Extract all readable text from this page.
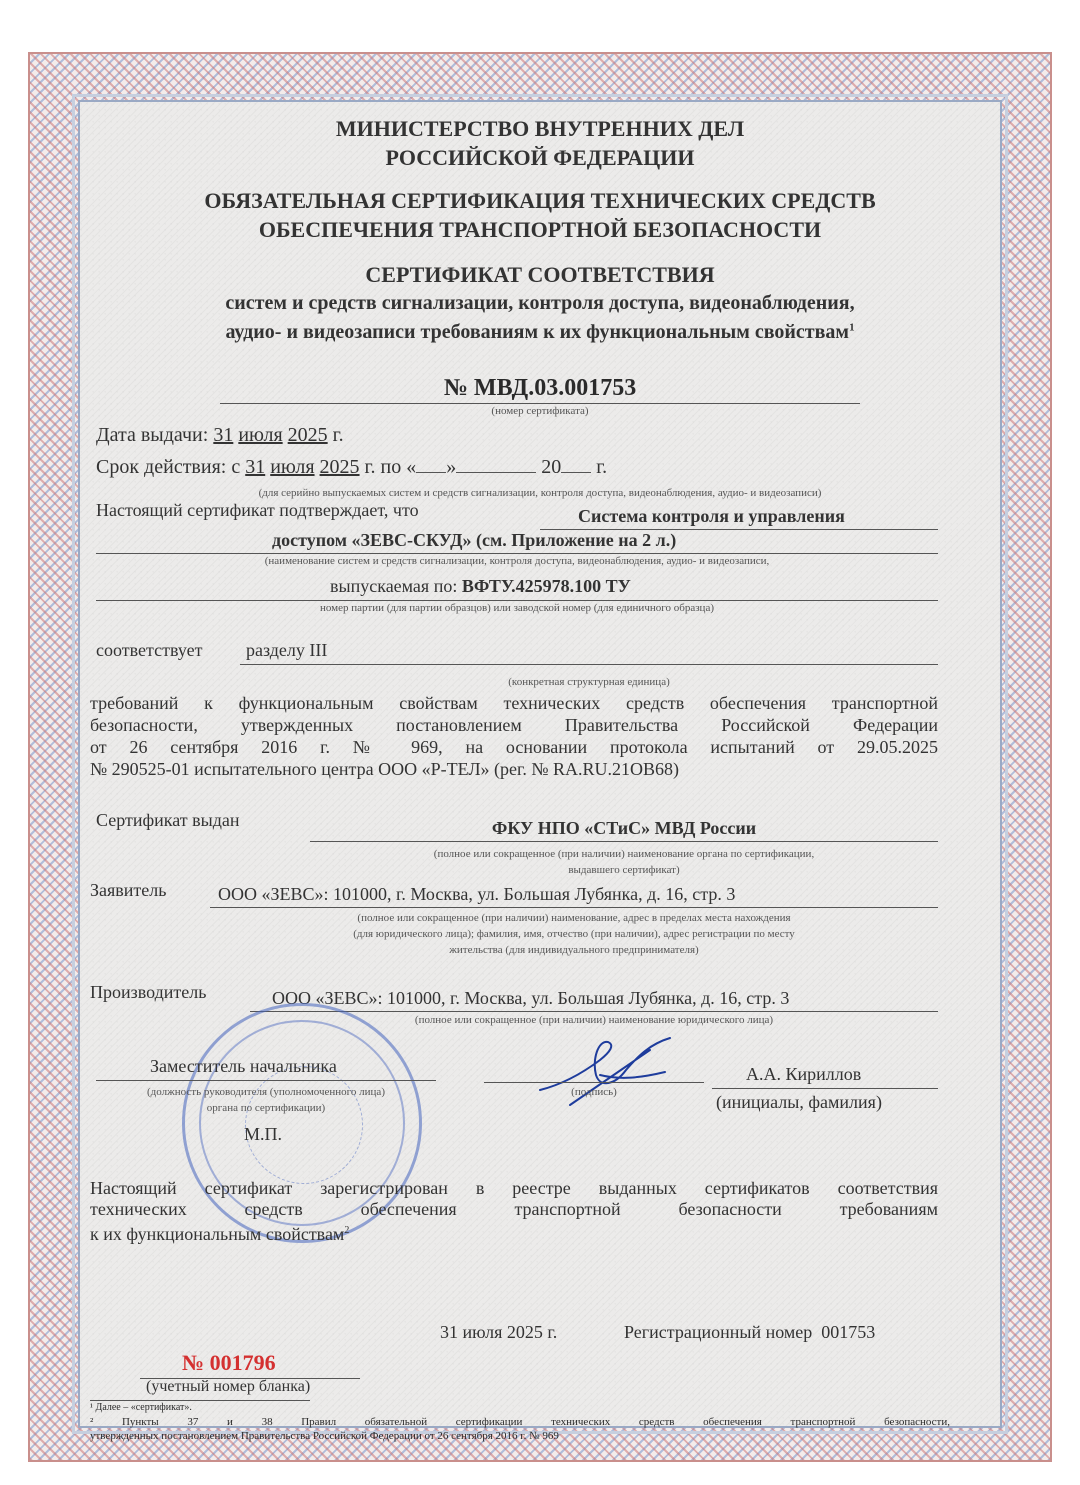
МИНИСТЕРСТВО ВНУТРЕННИХ ДЕЛ
РОССИЙСКОЙ ФЕДЕРАЦИИ
ОБЯЗАТЕЛЬНАЯ СЕРТИФИКАЦИЯ ТЕХНИЧЕСКИХ СРЕДСТВ
ОБЕСПЕЧЕНИЯ ТРАНСПОРТНОЙ БЕЗОПАСНОСТИ
СЕРТИФИКАТ СООТВЕТСТВИЯ
систем и средств сигнализации, контроля доступа, видеонаблюдения,
аудио- и видеозаписи требованиям к их функциональным свойствам$^1$
№ МВД.03.001753
(номер сертификата)
Дата выдачи: 31 июля 2025 г.
Срок действия: с 31 июля 2025 г. по « »	20 г.
(для серийно выпускаемых систем и средств сигнализации, контроля доступа, видеонаблюдения, аудио- и видеозаписи)
Настоящий сертификат подтверждает, что	Система контроля и управления
доступом «ЗЕВС-СКУД» (см. Приложение на 2 л.)
(наименование систем и средств сигнализации, контроля доступа, видеонаблюдения, аудио- и видеозаписи,
выпускаемая по: ВФТУ.425978.100 ТУ
номер партии (для партии образцов) или заводской номер (для единичного образца)
соответствует разделу III
(конкретная структурная единица)
требований к функциональным свойствам технических средств обеспечения транспортной
безопасности, утвержденных постановлением Правительства Российской Федерации
от 26 сентября 2016 г. № 969, на основании протокола испытаний от 29.05.2025
№ 290525-01 испытательного центра ООО «Р-ТЕЛ» (рег. № RA.RU.21ОВ68)
Сертификат выдан	ФКУ НПО «СТиС» МВД России
(полное или сокращенное (при наличии) наименование органа по сертификации,
выдавшего сертификат)
Заявитель	ООО «ЗЕВС»: 101000, г. Москва, ул. Большая Лубянка, д. 16, стр. 3
(полное или сокращенное (при наличии) наименование, адрес в пределах места нахождения
(для юридического лица); фамилия, имя, отчество (при наличии), адрес регистрации по месту
жительства (для индивидуального предпринимателя)
Производитель	ООО «ЗЕВС»: 101000, г. Москва, ул. Большая Лубянка, д. 16, стр. 3
(полное или сокращенное (при наличии) наименование юридического лица)
Заместитель начальника
(должность руководителя (уполномоченного лица)
органа по сертификации)
(подпись)
А.А. Кириллов
(инициалы, фамилия)
М.П.
Настоящий сертификат зарегистрирован в реестре выданных сертификатов соответствия
технических средств обеспечения транспортной безопасности требованиям
к их функциональным свойствам$^2$
31 июля 2025 г.	Регистрационный номер 001753
№ 001796
(учетный номер бланка)
¹ Далее – «сертификат».
² Пункты 37 и 38 Правил обязательной сертификации технических средств обеспечения транспортной безопасности,
утвержденных постановлением Правительства Российской Федерации от 26 сентября 2016 г. № 969
